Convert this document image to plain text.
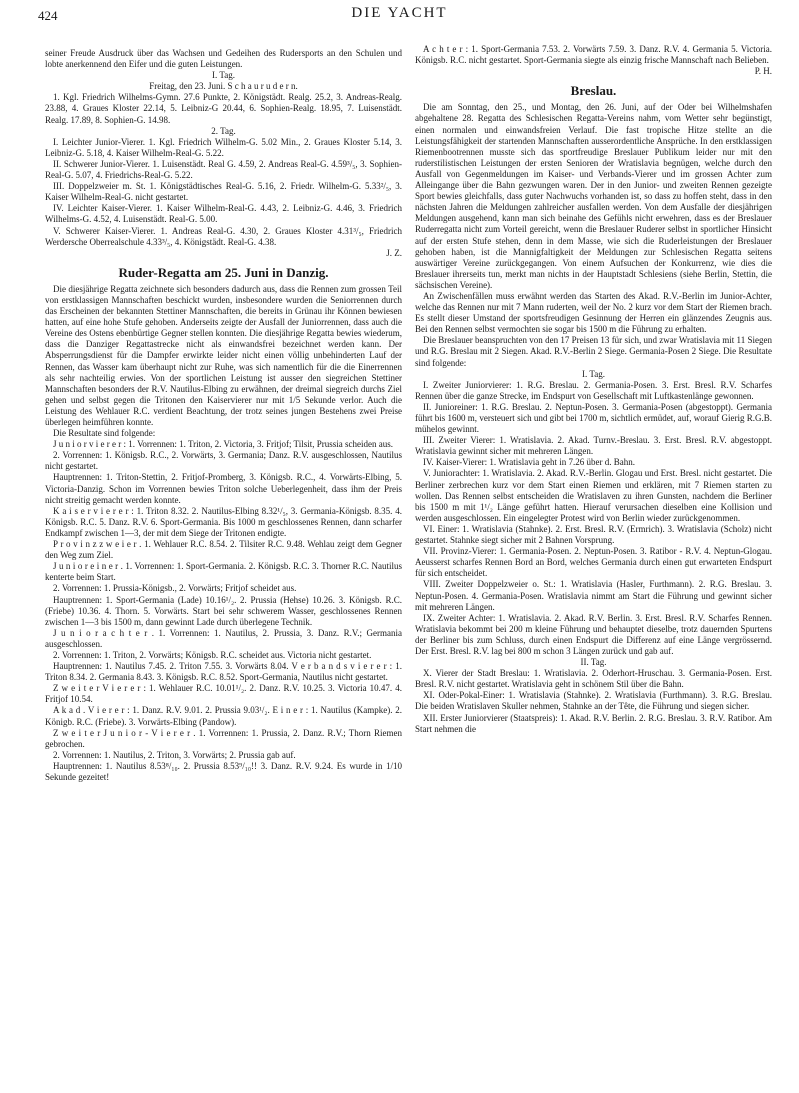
424	DIE YACHT

seiner Freude Ausdruck über das Wachsen und Gedeihen des Rudersports an den Schulen und lobte anerkennend den Eifer und die guten Leistungen.

I. Tag.

Freitag, den 23. Juni. S c h a u r u d e r n.

1. Kgl. Friedrich Wilhelms-Gymn. 27.6 Punkte, 2. Königstädt. Realg. 25.2, 3. Andreas-Realg. 23.88, 4. Graues Kloster 22.14, 5. Leibniz-G 20.44, 6. Sophien-Realg. 18.95, 7. Luisenstädt. Realg. 17.89, 8. Sophien-G. 14.98.

2. Tag.

I. Leichter Junior-Vierer. 1. Kgl. Friedrich Wilhelm-G. 5.02 Min., 2. Graues Kloster 5.14, 3. Leibniz-G. 5.18, 4. Kaiser Wilhelm-Real-G. 5.22.

II. Schwerer Junior-Vierer. 1. Luisenstädt. Real G. 4.59, 2. Andreas Real-G. 4.59³/₅, 3. Sophien-Real-G. 5.07, 4. Friedrichs-Real-G. 5.22.

III. Doppelzweier m. St. 1. Königstädtisches Real-G. 5.16, 2. Friedr. Wilhelm-G. 5.33²/₅, 3. Kaiser Wilhelm-Real-G. nicht gestartet.

IV. Leichter Kaiser-Vierer. 1. Kaiser Wilhelm-Real-G. 4.43, 2. Leibniz-G. 4.46, 3. Friedrich Wilhelms-G. 4.52, 4. Luisenstädt. Real-G. 5.00.

V. Schwerer Kaiser-Vierer. 1. Andreas Real-G. 4.30, 2. Graues Kloster 4.31³/₅, Friedrich Werdersche Oberrealschule 4.33³/₅, 4. Königstädt. Real-G. 4.38.

J. Z.

Ruder-Regatta am 25. Juni in Danzig.

Die diesjährige Regatta zeichnete sich besonders dadurch aus, dass die Rennen zum grossen Teil von erstklassigen Mannschaften beschickt wurden, insbesondere wurden die Seniorrennen durch das Erscheinen der bekannten Stettiner Mannschaften, die bereits in Grünau ihr Können bewiesen hatten, auf eine hohe Stufe gehoben. Anderseits zeigte der Ausfall der Juniorrennen, dass auch die Vereine des Ostens ebenbürtige Gegner stellen konnten. Die diesjährige Regatta bewies wiederum, dass die Danziger Regattastrecke nicht als einwandsfrei bezeichnet werden kann. Der Absperrungsdienst für die Dampfer erwirkte leider nicht einen völlig unbehinderten Lauf der Rennen, das Wasser kam überhaupt nicht zur Ruhe, was sich namentlich für die die Einerrennen als sehr nachteilig erwies. Von der sportlichen Leistung ist ausser den siegreichen Stettiner Mannschaften besonders der R.V. Nautilus-Elbing zu erwähnen, der dreimal siegreich durchs Ziel gehen und selbst gegen die Tritonen den Kaiservierer nur mit 1/5 Sekunde verlor. Auch die Leistung des Wehlauer R.C. verdient Beachtung, der trotz seines jungen Bestehens zwei Preise überlegen heimführen konnte.

Die Resultate sind folgende:

J u n i o r v i e r e r : 1. Vorrennen: 1. Triton, 2. Victoria, 3. Fritjof; Tilsit, Prussia scheiden aus.

2. Vorrennen: 1. Königsb. R.C., 2. Vorwärts, 3. Germania; Danz. R.V. ausgeschlossen, Nautilus nicht gestartet.

Hauptrennen: 1. Triton-Stettin, 2. Fritjof-Promberg, 3. Königsb. R.C., 4. Vorwärts-Elbing, 5. Victoria-Danzig. Schon im Vorrennen bewies Triton solche Ueberlegenheit, dass ihm der Preis nicht streitig gemacht werden konnte.

K a i s e r v i e r e r : 1. Triton 8.32. 2. Nautilus-Elbing 8.32¹/₅, 3. Germania-Königsb. 8.35. 4. Königsb. R.C. 5. Danz. R.V. 6. Sport-Germania. Bis 1000 m geschlossenes Rennen, dann scharfer Endkampf zwischen 1—3, der mit dem Siege der Tritonen endigte.

P r o v i n z z w e i e r . 1. Wehlauer R.C. 8.54. 2. Tilsiter R.C. 9.48. Wehlau zeigt dem Gegner den Weg zum Ziel.

J u n i o r e i n e r . 1. Vorrennen: 1. Sport-Germania. 2. Königsb. R.C. 3. Thorner R.C. Nautilus kenterte beim Start.

2. Vorrennen: 1. Prussia-Königsb., 2. Vorwärts; Fritjof scheidet aus.

Hauptrennen: 1. Sport-Germania (Lade) 10.16¹/₂. 2. Prussia (Hehse) 10.26. 3. Königsb. R.C. (Friebe) 10.36. 4. Thorn. 5. Vorwärts. Start bei sehr schwerem Wasser, geschlossenes Rennen zwischen 1—3 bis 1500 m, dann gewinnt Lade durch überlegene Technik.

J u n i o r a c h t e r . 1. Vorrennen: 1. Nautilus, 2. Prussia, 3. Danz. R.V.; Germania ausgeschlossen.

2. Vorrennen: 1. Triton, 2. Vorwärts; Königsb. R.C. scheidet aus. Victoria nicht gestartet.

Hauptrennen: 1. Nautilus 7.45. 2. Triton 7.55. 3. Vorwärts 8.04. V e r b a n d s v i e r e r : 1. Triton 8.34. 2. Germania 8.43. 3. Königsb. R.C. 8.52. Sport-Germania, Nautilus nicht gestartet.

Z w e i t e r V i e r e r : 1. Wehlauer R.C. 10.01¹/₂. 2. Danz. R.V. 10.25. 3. Victoria 10.47. 4. Fritjof 10.54.

A k a d . V i e r e r : 1. Danz. R.V. 9.01. 2. Prussia 9.03¹/₂. E i n e r : 1. Nautilus (Kampke). 2. Königb. R.C. (Friebe). 3. Vorwärts-Elbing (Pandow).

Z w e i t e r J u n i o r - V i e r e r . 1. Vorrennen: 1. Prussia, 2. Danz. R.V.; Thorn Riemen gebrochen.

2. Vorrennen: 1. Nautilus, 2. Triton, 3. Vorwärts; 2. Prussia gab auf.

Hauptrennen: 1. Nautilus 8.53⁸/₁₀. 2. Prussia 8.53⁹/₁₀!! 3. Danz. R.V. 9.24. Es wurde in 1/10 Sekunde gezeitet!

A c h t e r : 1. Sport-Germania 7.53. 2. Vorwärts 7.59. 3. Danz. R.V. 4. Germania 5. Victoria. Königsb. R.C. nicht gestartet. Sport-Germania siegte als einzig frische Mannschaft nach Belieben.

P. H.

Breslau.

Die am Sonntag, den 25., und Montag, den 26. Juni, auf der Oder bei Wilhelmshafen abgehaltene 28. Regatta des Schlesischen Regatta-Vereins nahm, vom Wetter sehr begünstigt, einen normalen und einwandsfreien Verlauf. Die fast tropische Hitze stellte an die Leistungsfähigkeit der startenden Mannschaften ausserordentliche Ansprüche. In den erstklassigen Riemenbootrennen musste sich das sportfreudige Breslauer Publikum leider nur mit den ruderstilistischen Leistungen der ersten Senioren der Wratislavia begnügen, welche durch den Ausfall von Gegenmeldungen im Kaiser- und Verbands-Vierer und im grossen Achter zum Alleingange über die Bahn gezwungen waren. Der in den Junior- und zweiten Rennen gezeigte Sport bewies gleichfalls, dass guter Nachwuchs vorhanden ist, so dass zu hoffen steht, dass in den nächsten Jahren die Meldungen zahlreicher ausfallen werden. Von dem Ausfalle der diesjährigen Meldungen ausgehend, kann man sich beinahe des Gefühls nicht erwehren, dass es der Breslauer Ruderregatta nicht zum Vorteil gereicht, wenn die Breslauer Ruderer selbst in sportlicher Hinsicht auf der ersten Stufe stehen, denn in dem Masse, wie sich die Ruderleistungen der Breslauer gehoben haben, ist die Mannigfaltigkeit der Meldungen zur Schlesischen Regatta seitens auswärtiger Vereine zurückgegangen. Von einem Aufsuchen der Konkurrenz, wie dies die Breslauer ihrerseits tun, merkt man nichts in der Hauptstadt Schlesiens (siehe Berlin, Stettin, die sächsischen Vereine).

An Zwischenfällen muss erwähnt werden das Starten des Akad. R.V.-Berlin im Junior-Achter, welche das Rennen nur mit 7 Mann ruderten, weil der No. 2 kurz vor dem Start der Riemen brach. Es stellt dieser Umstand der sportsfreudigen Gesinnung der Herren ein glänzendes Zeugnis aus. Bei den Rennen selbst vermochten sie sogar bis 1500 m die Führung zu erhalten.

Die Breslauer beanspruchten von den 17 Preisen 13 für sich, und zwar Wratislavia mit 11 Siegen und R.G. Breslau mit 2 Siegen. Akad. R.V.-Berlin 2 Siege. Germania-Posen 2 Siege. Die Resultate sind folgende:

I. Tag.

I. Zweiter Juniorvierer: 1. R.G. Breslau. 2. Germania-Posen. 3. Erst. Bresl. R.V. Scharfes Rennen über die ganze Strecke, im Endspurt von Gesellschaft mit Luftkastenlänge gewonnen.

II. Junioreiner: 1. R.G. Breslau. 2. Neptun-Posen. 3. Germania-Posen (abgestoppt). Germania führt bis 1600 m, versteuert sich und gibt bei 1700 m, sichtlich ermüdet, auf, worauf Gierig R.G.B. mühelos gewinnt.

III. Zweiter Vierer: 1. Wratislavia. 2. Akad. Turnv.-Breslau. 3. Erst. Bresl. R.V. abgestoppt. Wratislavia gewinnt sicher mit mehreren Längen.

IV. Kaiser-Vierer: 1. Wratislavia geht in 7.26 über d. Bahn.

V. Juniorachter: 1. Wratislavia. 2. Akad. R.V.-Berlin. Glogau und Erst. Bresl. nicht gestartet. Die Berliner zerbrechen kurz vor dem Start einen Riemen und erklären, mit 7 Riemen starten zu wollen. Das Rennen selbst entscheiden die Wratislaven zu ihren Gunsten, nachdem die Berliner bis 1500 m mit 1¹/₂ Länge geführt hatten. Hierauf verursachen dieselben eine Kollision und werden ausgeschlossen. Ein eingelegter Protest wird von Berlin wieder zurückgenommen.

VI. Einer: 1. Wratislavia (Stahnke). 2. Erst. Bresl. R.V. (Ermrich). 3. Wratislavia (Scholz) nicht gestartet. Stahnke siegt sicher mit 2 Bahnen Vorsprung.

VII. Provinz-Vierer: 1. Germania-Posen. 2. Neptun-Posen. 3. Ratibor - R.V. 4. Neptun-Glogau. Aeusserst scharfes Rennen Bord an Bord, welches Germania durch einen gut erwarteten Endspurt für sich entscheidet.

VIII. Zweiter Doppelzweier o. St.: 1. Wratislavia (Hasler, Furthmann). 2. R.G. Breslau. 3. Neptun-Posen. 4. Germania-Posen. Wratislavia nimmt am Start die Führung und gewinnt sicher mit mehreren Längen.

IX. Zweiter Achter: 1. Wratislavia. 2. Akad. R.V. Berlin. 3. Erst. Bresl. R.V. Scharfes Rennen. Wratislavia bekommt bei 200 m kleine Führung und behauptet dieselbe, trotz dauernden Spurtens der Berliner bis zum Schluss, durch einen Endspurt die Differenz auf eine Länge vergrössernd. Der Erst. Bresl. R.V. lag bei 800 m schon 3 Längen zurück und gab auf.

II. Tag.

X. Vierer der Stadt Breslau: 1. Wratislavia. 2. Oderhort-Hruschau. 3. Germania-Posen. Erst. Bresl. R.V. nicht gestartet. Wratislavia geht in schönem Stil über die Bahn.

XI. Oder-Pokal-Einer: 1. Wratislavia (Stahnke). 2. Wratislavia (Furthmann). 3. R.G. Breslau. Die beiden Wratislaven Skuller nehmen, Stahnke an der Tête, die Führung und siegen sicher.

XII. Erster Juniorvierer (Staatspreis): 1. Akad. R.V. Berlin. 2. R.G. Breslau. 3. R.V. Ratibor. Am Start nehmen die
